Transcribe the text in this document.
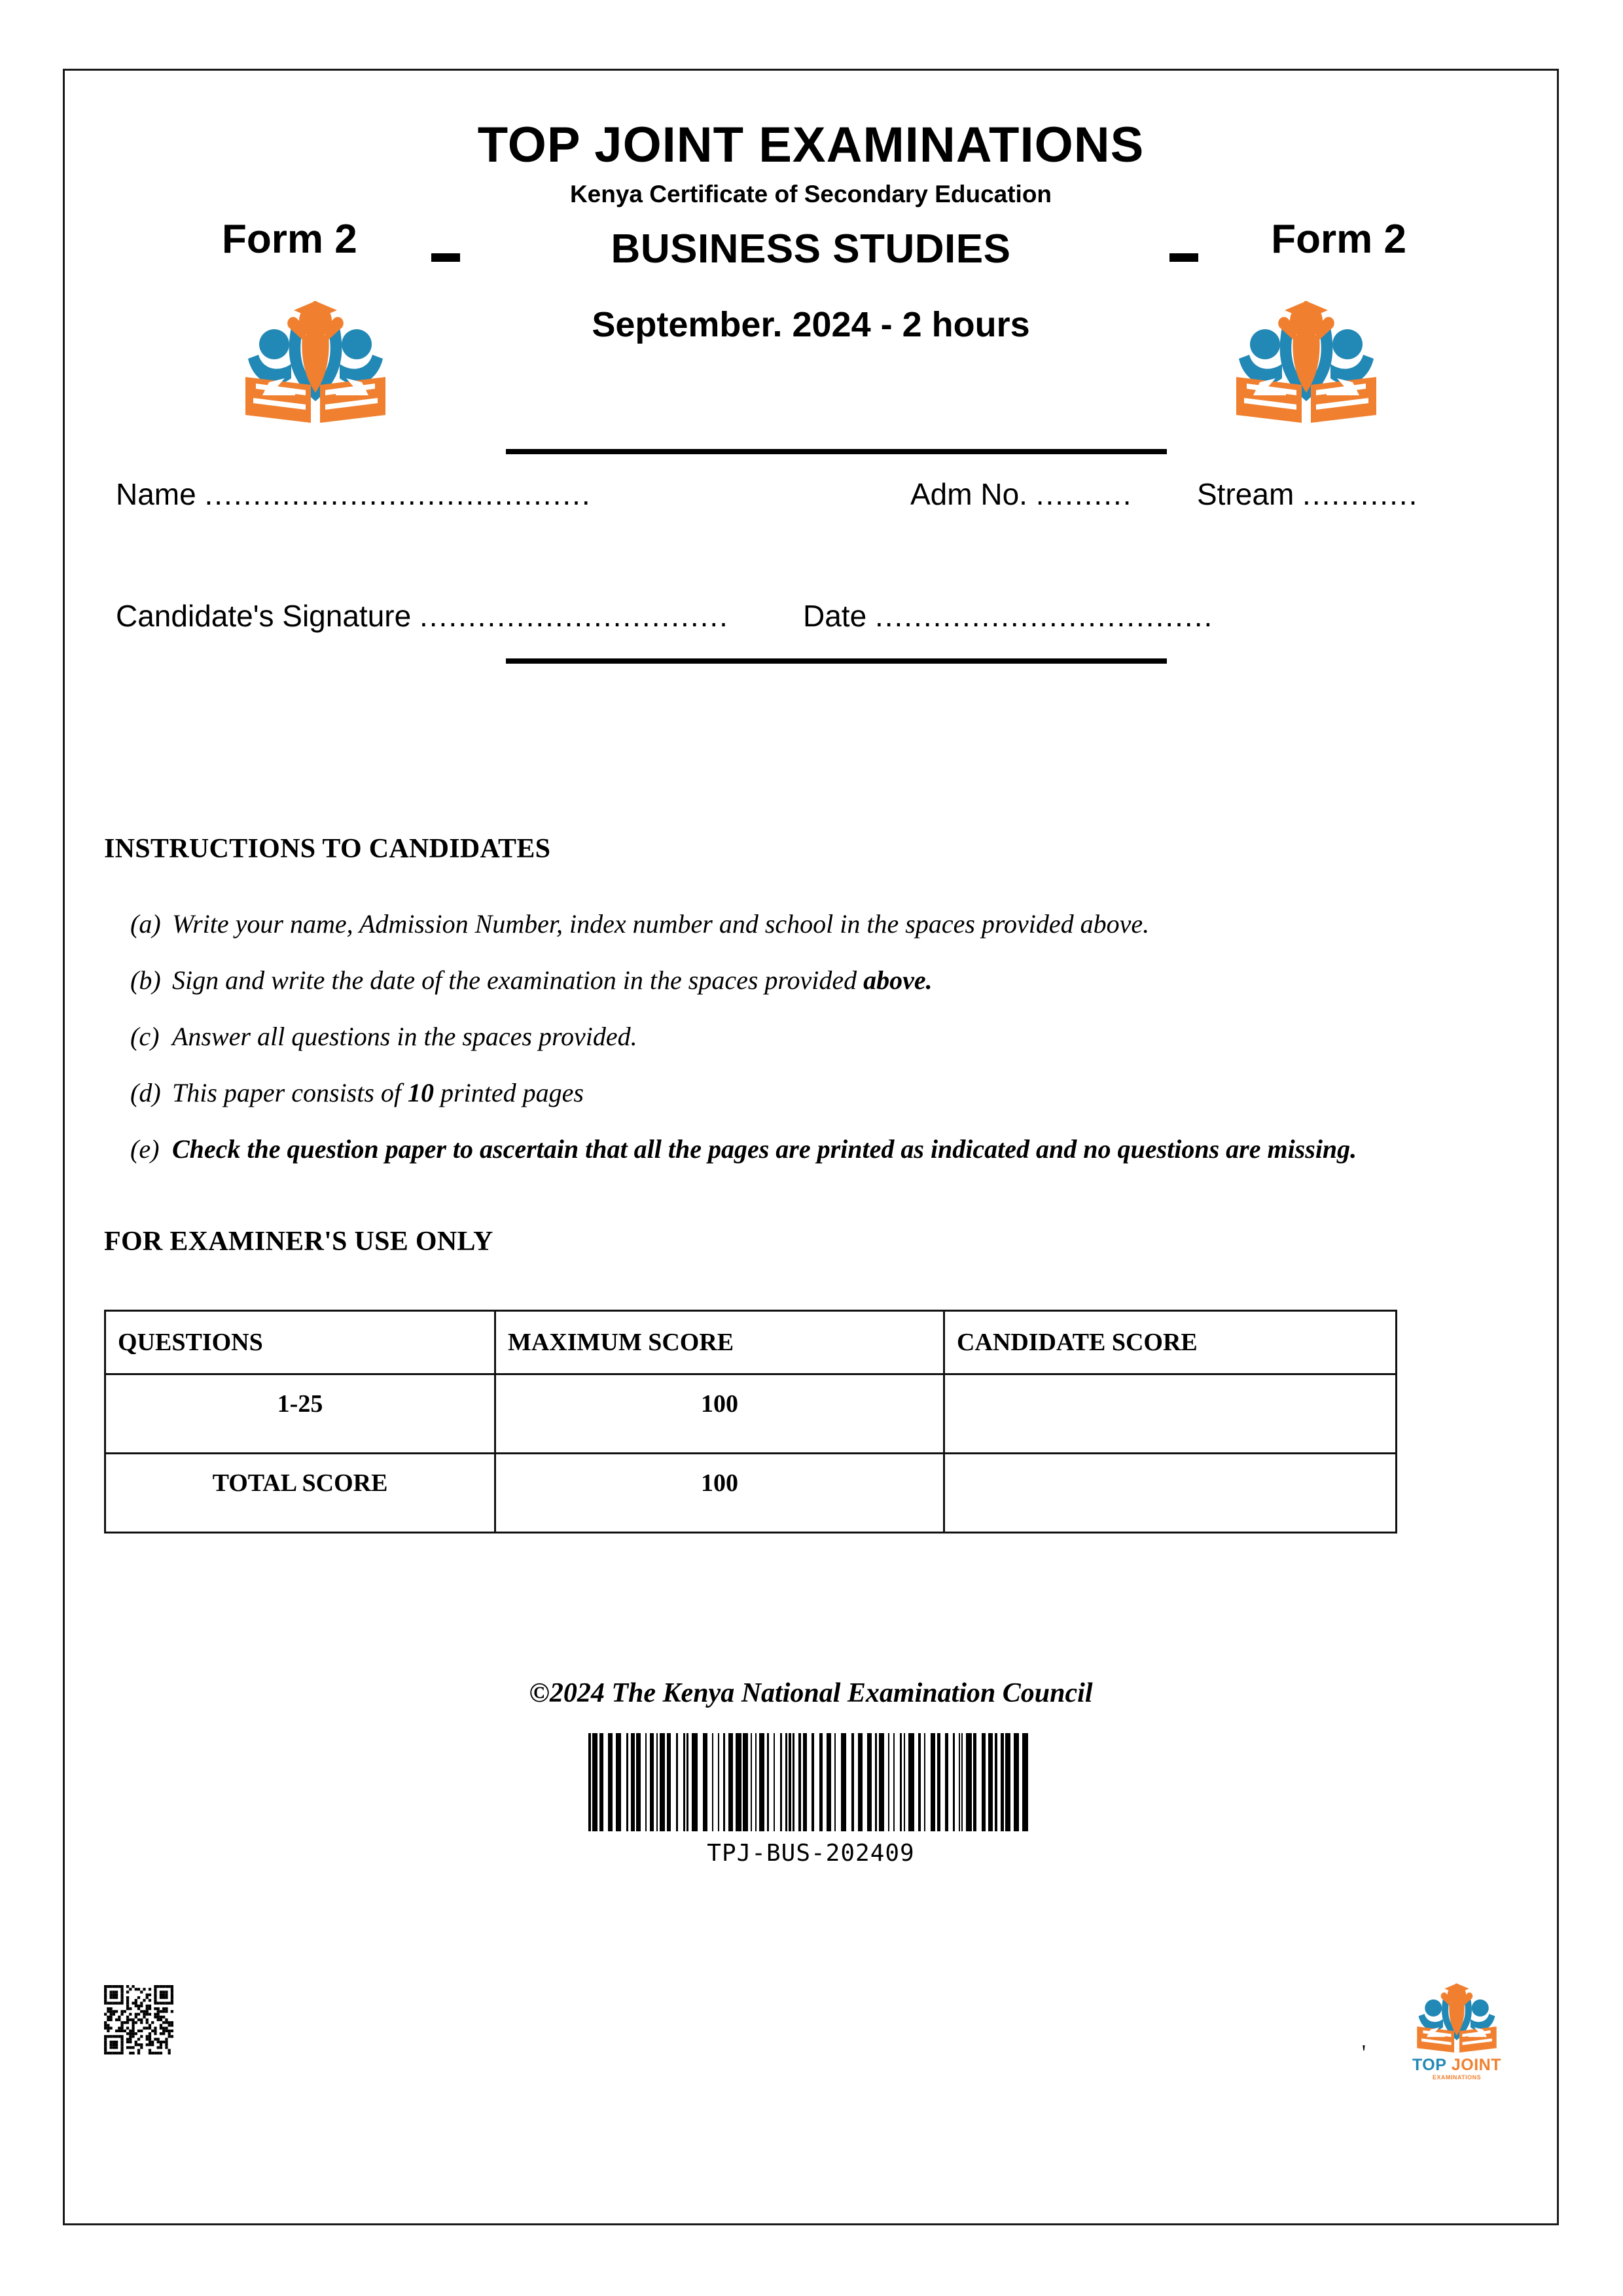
TOP JOINT EXAMINATIONS
Kenya Certificate of Secondary Education
Form 2	BUSINESS STUDIES	Form 2
September. 2024 - 2 hours
Name ........................................	Adm No. .......... Stream ............
Candidate's Signature ................................ Date ...................................
INSTRUCTIONS TO CANDIDATES
(a) Write your name, Admission Number, index number and school in the spaces provided above.
(b) Sign and write the date of the examination in the spaces provided above.
(c) Answer all questions in the spaces provided.
(d) This paper consists of 10 printed pages
(e) Check the question paper to ascertain that all the pages are printed as indicated and no questions are missing.
FOR EXAMINER'S USE ONLY
QUESTIONS	MAXIMUM SCORE	CANDIDATE SCORE
1-25	100	
TOTAL SCORE	100	
©2024 The Kenya National Examination Council
TPJ-BUS-202409
'	TOP JOINT
EXAMINATIONS
